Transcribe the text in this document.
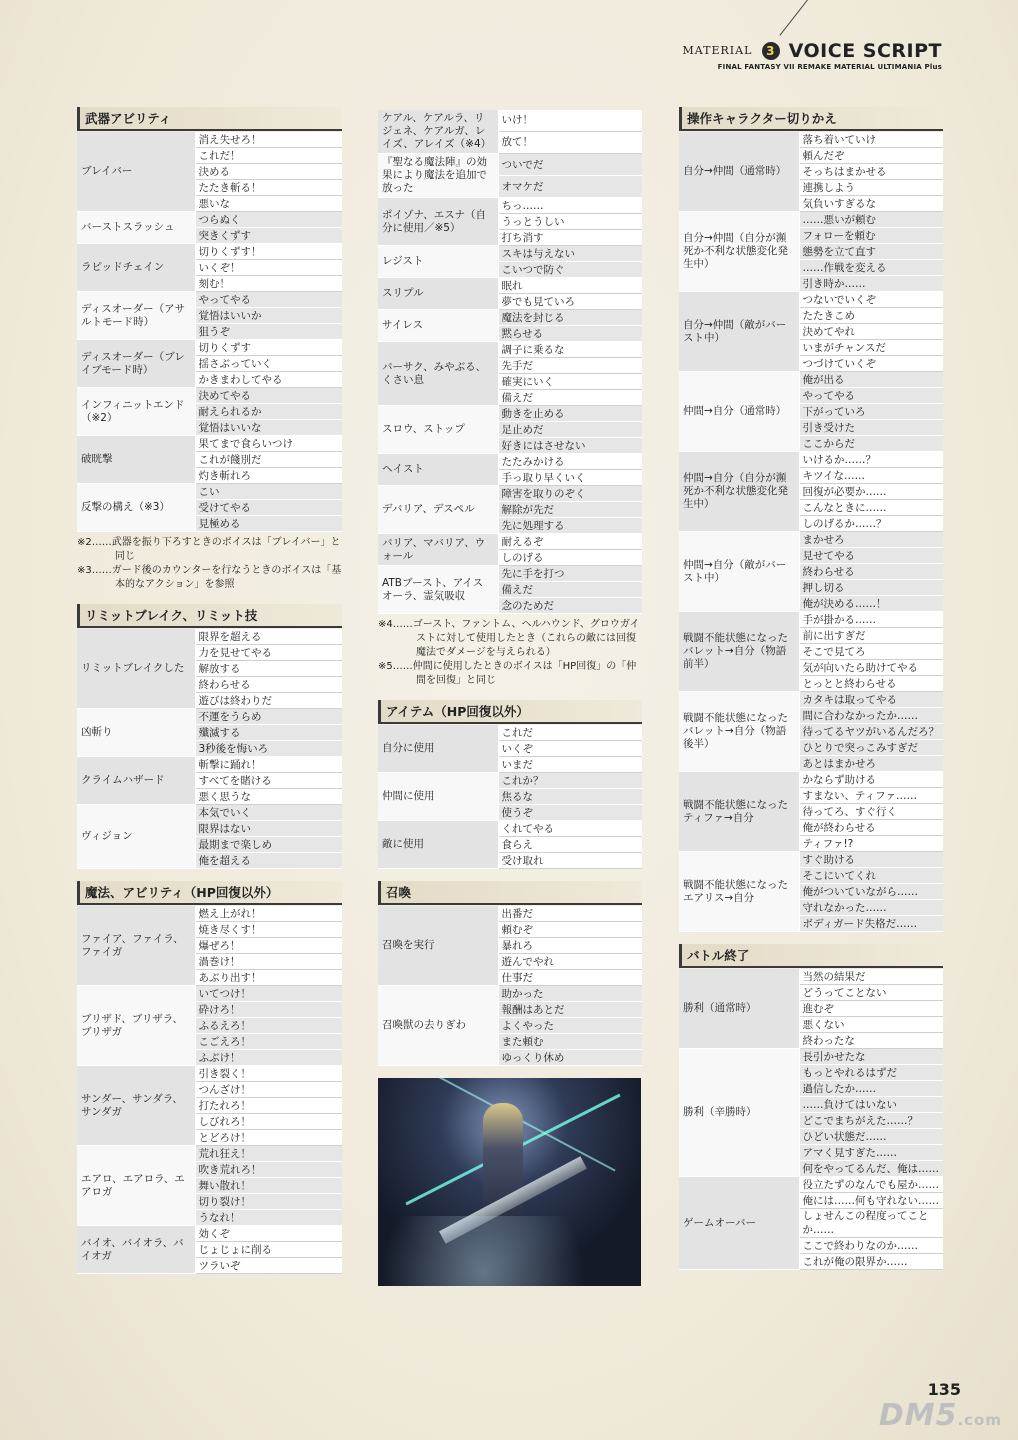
MATERIAL 3 VOICE SCRIPT
FINAL FANTASY VII REMAKE MATERIAL ULTIMANIA Plus
武器アビリティ
ブレイバー	消え失せろ！
	これだ！
	決める
	たたき斬る！
	悪いな
バーストスラッシュ	つらぬく
	突きくずす
ラピッドチェイン	切りくずす！
	いくぞ！
	刻む！
ディスオーダー（アサルトモード時）	やってやる
	覚悟はいいか
	狙うぞ
ディスオーダー（ブレイブモード時）	切りくずす
	揺さぶっていく
	かきまわしてやる
インフィニットエンド（※2）	決めてやる
	耐えられるか
	覚悟はいいな
破晄撃	果てまで食らいつけ
	これが餞別だ
	灼き斬れろ
反撃の構え（※3）	こい
	受けてやる
	見極める

※2……武器を振り下ろすときのボイスは「ブレイバー」と同じ

※3……ガード後のカウンターを行なうときのボイスは「基本的なアクション」を参照

リミットブレイク、リミット技
リミットブレイクした	限界を超える
	力を見せてやる
	解放する
	終わらせる
	遊びは終わりだ
凶斬り	不運をうらめ
	殲滅する
	3秒後を悔いろ
クライムハザード	斬撃に踊れ！
	すべてを賭ける
	悪く思うな
ヴィジョン	本気でいく
	限界はない
	最期まで楽しめ
	俺を超える
魔法、アビリティ（HP回復以外）
ファイア、ファイラ、ファイガ	燃え上がれ！
	焼き尽くす！
	爆ぜろ！
	渦巻け！
	あぶり出す！
ブリザド、ブリザラ、ブリザガ	いてつけ！
	砕けろ！
	ふるえろ！
	こごえろ！
	ふぶけ！
サンダー、サンダラ、サンダガ	引き裂く！
	つんざけ！
	打たれろ！
	しびれろ！
	とどろけ！
エアロ、エアロラ、エアロガ	荒れ狂え！
	吹き荒れろ！
	舞い散れ！
	切り裂け！
	うなれ！
バイオ、バイオラ、バイオガ	効くぞ
	じょじょに削る
	ツラいぞ
ケアル、ケアルラ、リジェネ、ケアルガ、レイズ、アレイズ（※4）	いけ！
	放て！
『聖なる魔法陣』の効果により魔法を追加で放った	ついでだ
	オマケだ
ポイゾナ、エスナ（自分に使用／※5）	ちっ……
	うっとうしい
	打ち消す
レジスト	スキは与えない
	こいつで防ぐ
スリプル	眠れ
	夢でも見ていろ
サイレス	魔法を封じる
	黙らせる
バーサク、みやぶる、くさい息	調子に乗るな
	先手だ
	確実にいく
	備えだ
スロウ、ストップ	動きを止める
	足止めだ
	好きにはさせない
ヘイスト	たたみかける
	手っ取り早くいく
デバリア、デスペル	障害を取りのぞく
	解除が先だ
	先に処理する
バリア、マバリア、ウォール	耐えるぞ
	しのげる
ATBブースト、アイスオーラ、霊気吸収	先に手を打つ
	備えだ
	念のためだ

※4……ゴースト、ファントム、ヘルハウンド、グロウガイストに対して使用したとき（これらの敵には回復魔法でダメージを与えられる）

※5……仲間に使用したときのボイスは「HP回復」の「仲間を回復」と同じ

アイテム（HP回復以外）
自分に使用	これだ
	いくぞ
	いまだ
仲間に使用	これか？
	焦るな
	使うぞ
敵に使用	くれてやる
	食らえ
	受け取れ
召喚
召喚を実行	出番だ
	頼むぞ
	暴れろ
	遊んでやれ
	仕事だ
召喚獣の去りぎわ	助かった
	報酬はあとだ
	よくやった
	また頼む
	ゆっくり休め
操作キャラクター切りかえ
自分→仲間（通常時）	落ち着いていけ
	頼んだぞ
	そっちはまかせる
	連携しよう
	気負いすぎるな
自分→仲間（自分が瀕死か不利な状態変化発生中）	……悪いが頼む
	フォローを頼む
	態勢を立て直す
	……作戦を変える
	引き時か……
自分→仲間（敵がバースト中）	つないでいくぞ
	たたきこめ
	決めてやれ
	いまがチャンスだ
	つづけていくぞ
仲間→自分（通常時）	俺が出る
	やってやる
	下がっていろ
	引き受けた
	ここからだ
仲間→自分（自分が瀕死か不利な状態変化発生中）	いけるか……？
	キツイな……
	回復が必要か……
	こんなときに……
	しのげるか……？
仲間→自分（敵がバースト中）	まかせろ
	見せてやる
	終わらせる
	押し切る
	俺が決める……！
戦闘不能状態になったバレット→自分（物語前半）	手が掛かる……
	前に出すぎだ
	そこで見てろ
	気が向いたら助けてやる
	とっとと終わらせる
戦闘不能状態になったバレット→自分（物語後半）	カタキは取ってやる
	間に合わなかったか……
	待ってるヤツがいるんだろ？
	ひとりで突っこみすぎだ
	あとはまかせろ
戦闘不能状態になったティファ→自分	かならず助ける
	すまない、ティファ……
	待ってろ、すぐ行く
	俺が終わらせる
	ティファ!?
戦闘不能状態になったエアリス→自分	すぐ助ける
	そこにいてくれ
	俺がついていながら……
	守れなかった……
	ボディガード失格だ……
バトル終了
勝利（通常時）	当然の結果だ
	どうってことない
	進むぞ
	悪くない
	終わったな
勝利（辛勝時）	長引かせたな
	もっとやれるはずだ
	過信したか……
	……負けてはいない
	どこでまちがえた……？
	ひどい状態だ……
	アマく見すぎた……
	何をやってるんだ、俺は……
ゲームオーバー	役立たずのなんでも屋か……
	俺には……何も守れない……
	しょせんこの程度ってことか……
	ここで終わりなのか……
	これが俺の限界か……
135
DM5.com
